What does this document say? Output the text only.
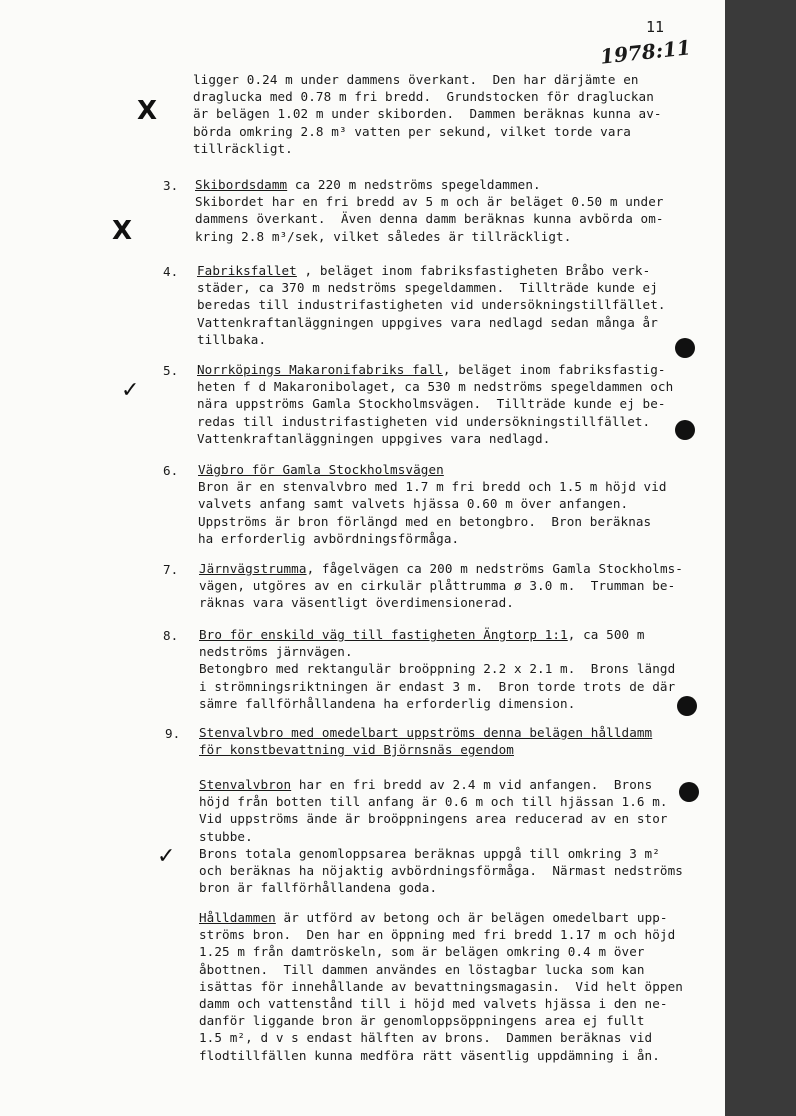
11
1978:11
X
X
✓
✓
ligger 0.24 m under dammens överkant.  Den har därjämte en
draglucka med 0.78 m fri bredd.  Grundstocken för dragluckan
är belägen 1.02 m under skiborden.  Dammen beräknas kunna av-
börda omkring 2.8 m³ vatten per sekund, vilket torde vara
tillräckligt.
3. Skibordsdamm ca 220 m nedströms spegeldammen.
Skibordet har en fri bredd av 5 m och är beläget 0.50 m under
dammens överkant.  Även denna damm beräknas kunna avbörda om-
kring 2.8 m³/sek, vilket således är tillräckligt.
4. Fabriksfallet , beläget inom fabriksfastigheten Bråbo verk-
städer, ca 370 m nedströms spegeldammen.  Tillträde kunde ej
beredas till industrifastigheten vid undersökningstillfället.
Vattenkraftanläggningen uppgives vara nedlagd sedan många år
tillbaka.
5. Norrköpings Makaronifabriks fall, beläget inom fabriksfastig-
heten f d Makaronibolaget, ca 530 m nedströms spegeldammen och
nära uppströms Gamla Stockholmsvägen.  Tillträde kunde ej be-
redas till industrifastigheten vid undersökningstillfället.
Vattenkraftanläggningen uppgives vara nedlagd.
6. Vägbro för Gamla Stockholmsvägen
Bron är en stenvalvbro med 1.7 m fri bredd och 1.5 m höjd vid
valvets anfang samt valvets hjässa 0.60 m över anfangen.
Uppströms är bron förlängd med en betongbro.  Bron beräknas
ha erforderlig avbördningsförmåga.
7. Järnvägstrumma, fågelvägen ca 200 m nedströms Gamla Stockholms-
vägen, utgöres av en cirkulär plåttrumma ø 3.0 m.  Trumman be-
räknas vara väsentligt överdimensionerad.
8. Bro för enskild väg till fastigheten Ängtorp 1:1, ca 500 m
nedströms järnvägen.
Betongbro med rektangulär broöppning 2.2 x 2.1 m.  Brons längd
i strömningsriktningen är endast 3 m.  Bron torde trots de där
sämre fallförhållandena ha erforderlig dimension.
9. Stenvalvbro med omedelbart uppströms denna belägen hålldamm
för konstbevattning vid Björnsnäs egendom
Stenvalvbron har en fri bredd av 2.4 m vid anfangen.  Brons
höjd från botten till anfang är 0.6 m och till hjässan 1.6 m.
Vid uppströms ände är broöppningens area reducerad av en stor
stubbe.
Brons totala genomloppsarea beräknas uppgå till omkring 3 m²
och beräknas ha nöjaktig avbördningsförmåga.  Närmast nedströms
bron är fallförhållandena goda.
Hålldammen är utförd av betong och är belägen omedelbart upp-
ströms bron.  Den har en öppning med fri bredd 1.17 m och höjd
1.25 m från damtröskeln, som är belägen omkring 0.4 m över
åbottnen.  Till dammen användes en löstagbar lucka som kan
isättas för innehållande av bevattningsmagasin.  Vid helt öppen
damm och vattenstånd till i höjd med valvets hjässa i den ne-
danför liggande bron är genomloppsöppningens area ej fullt
1.5 m², d v s endast hälften av brons.  Dammen beräknas vid
flodtillfällen kunna medföra rätt väsentlig uppdämning i ån.
